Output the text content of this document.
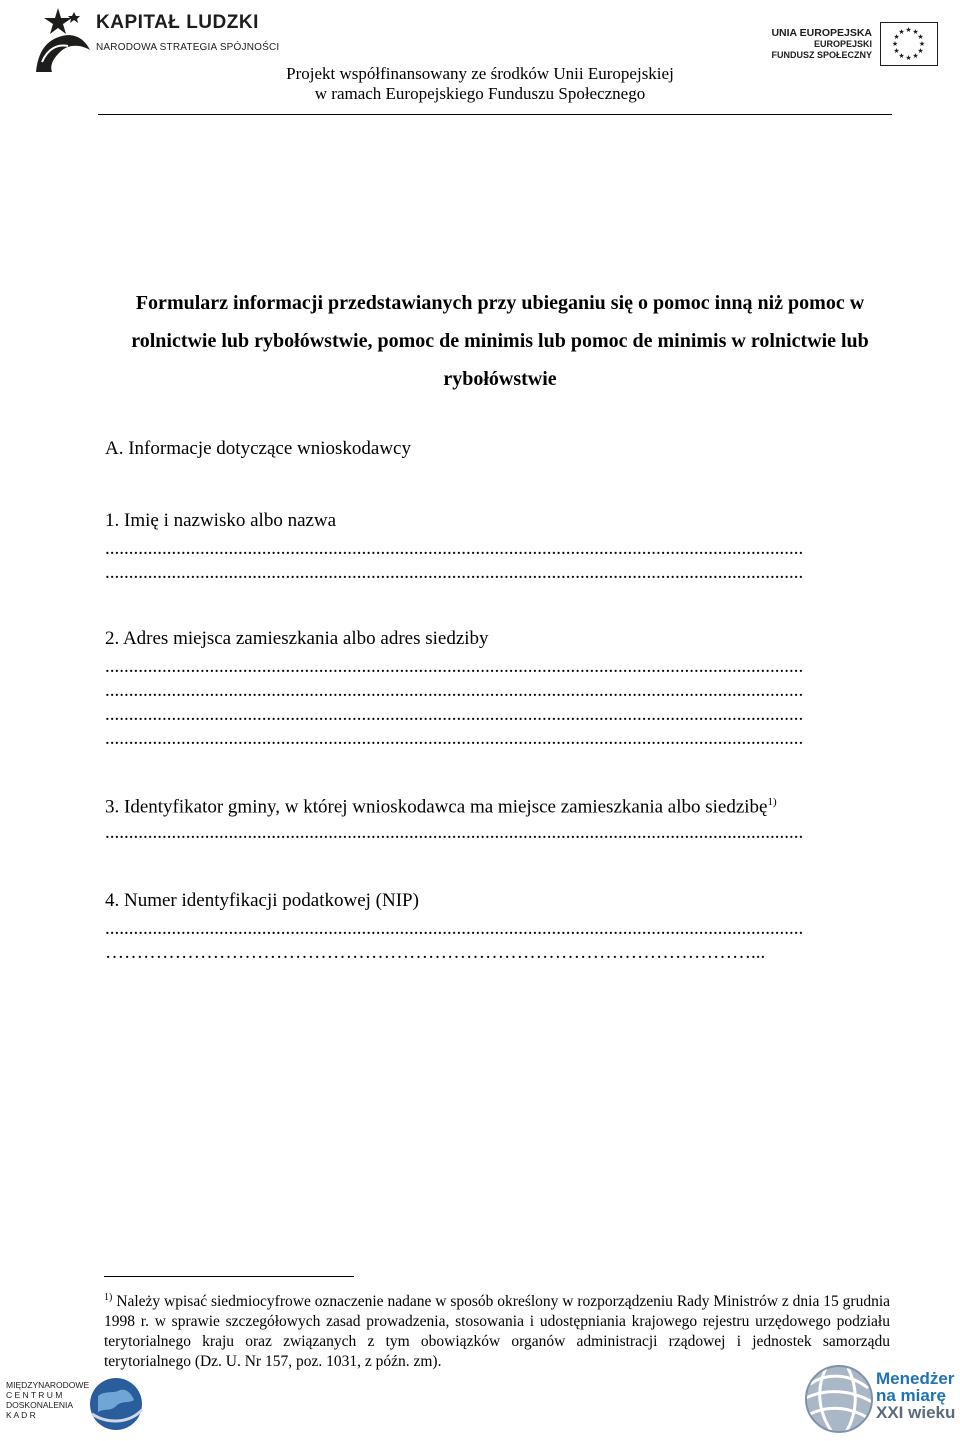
KAPITAŁ LUDZKI
NARODOWA STRATEGIA SPÓJNOŚCI
Projekt współfinansowany ze środków Unii Europejskiej
w ramach Europejskiego Funduszu Społecznego
UNIA EUROPEJSKA
EUROPEJSKI
FUNDUSZ SPOŁECZNY
★ ★
★
★
★
★
★
★
★
★
★
★
Formularz informacji przedstawianych przy ubieganiu się o pomoc inną niż pomoc w
rolnictwie lub rybołówstwie, pomoc de minimis lub pomoc de minimis w rolnictwie lub
rybołówstwie
A. Informacje dotyczące wnioskodawcy
1. Imię i nazwisko albo nazwa
...................................................................................................................................................
...................................................................................................................................................
2. Adres miejsca zamieszkania albo adres siedziby
...................................................................................................................................................
...................................................................................................................................................
...................................................................................................................................................
...................................................................................................................................................
3. Identyfikator gminy, w której wnioskodawca ma miejsce zamieszkania albo siedzibę$^{1)}$
...................................................................................................................................................
4. Numer identyfikacji podatkowej (NIP)
...................................................................................................................................................
…………………………………………………………………………………………...
$^{1)}$ Należy wpisać siedmiocyfrowe oznaczenie nadane w sposób określony w rozporządzeniu Rady Ministrów z dnia 15 grudnia 1998 r. w sprawie szczegółowych zasad prowadzenia, stosowania i udostępniania krajowego rejestru urzędowego podziału terytorialnego kraju oraz związanych z tym obowiązków organów administracji rządowej i jednostek samorządu terytorialnego (Dz. U. Nr 157, poz. 1031, z późn. zm).
MIĘDZYNARODOWE
C E N T R U M
DOSKONALENIA
K A D R
Menedżer
na miarę
XXI wieku
